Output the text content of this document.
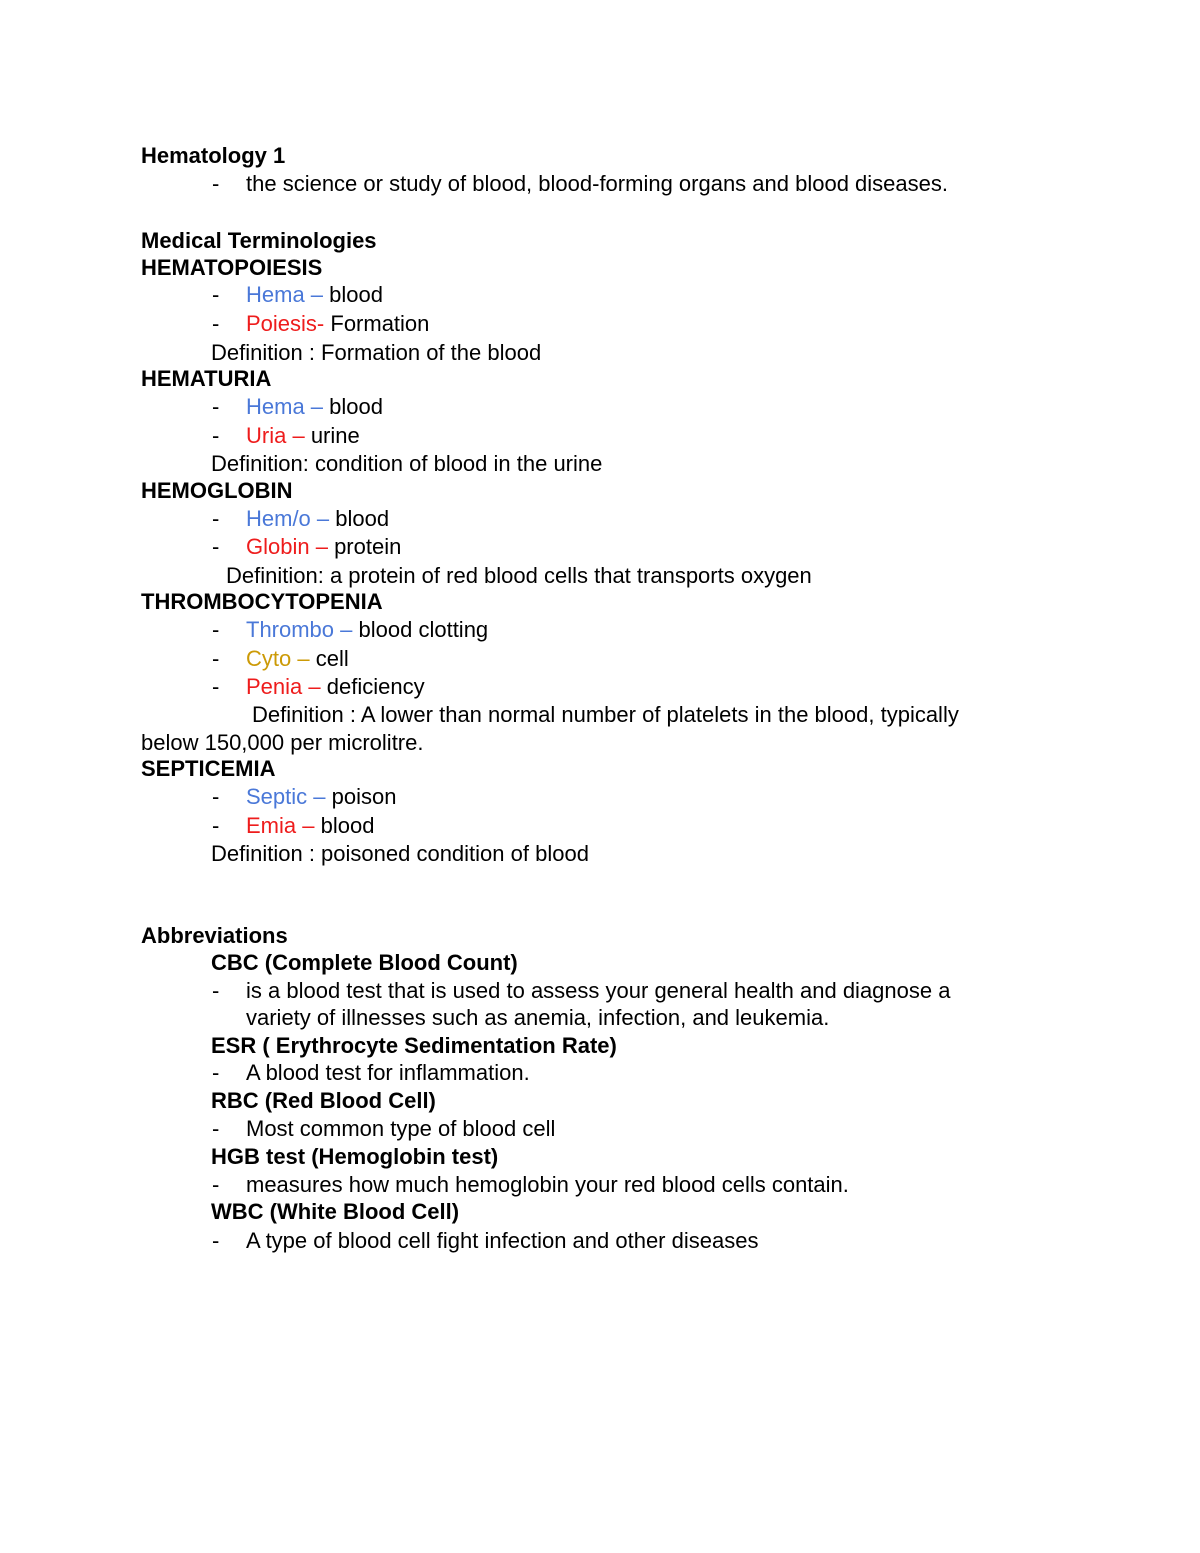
Hematology 1
- the science or study of blood, blood-forming organs and blood diseases.
Medical Terminologies
HEMATOPOIESIS
- Hema – blood
- Poiesis- Formation
Definition : Formation of the blood
HEMATURIA
- Hema – blood
- Uria – urine
Definition: condition of blood in the urine
HEMOGLOBIN
- Hem/o – blood
- Globin – protein
Definition: a protein of red blood cells that transports oxygen
THROMBOCYTOPENIA
- Thrombo – blood clotting
- Cyto – cell
- Penia – deficiency
Definition : A lower than normal number of platelets in the blood, typically
below 150,000 per microlitre.
SEPTICEMIA
- Septic – poison
- Emia – blood
Definition : poisoned condition of blood
Abbreviations
CBC (Complete Blood Count)
- is a blood test that is used to assess your general health and diagnose a
variety of illnesses such as anemia, infection, and leukemia.
ESR ( Erythrocyte Sedimentation Rate)
- A blood test for inflammation.
RBC (Red Blood Cell)
- Most common type of blood cell
HGB test (Hemoglobin test)
- measures how much hemoglobin your red blood cells contain.
WBC (White Blood Cell)
- A type of blood cell fight infection and other diseases
